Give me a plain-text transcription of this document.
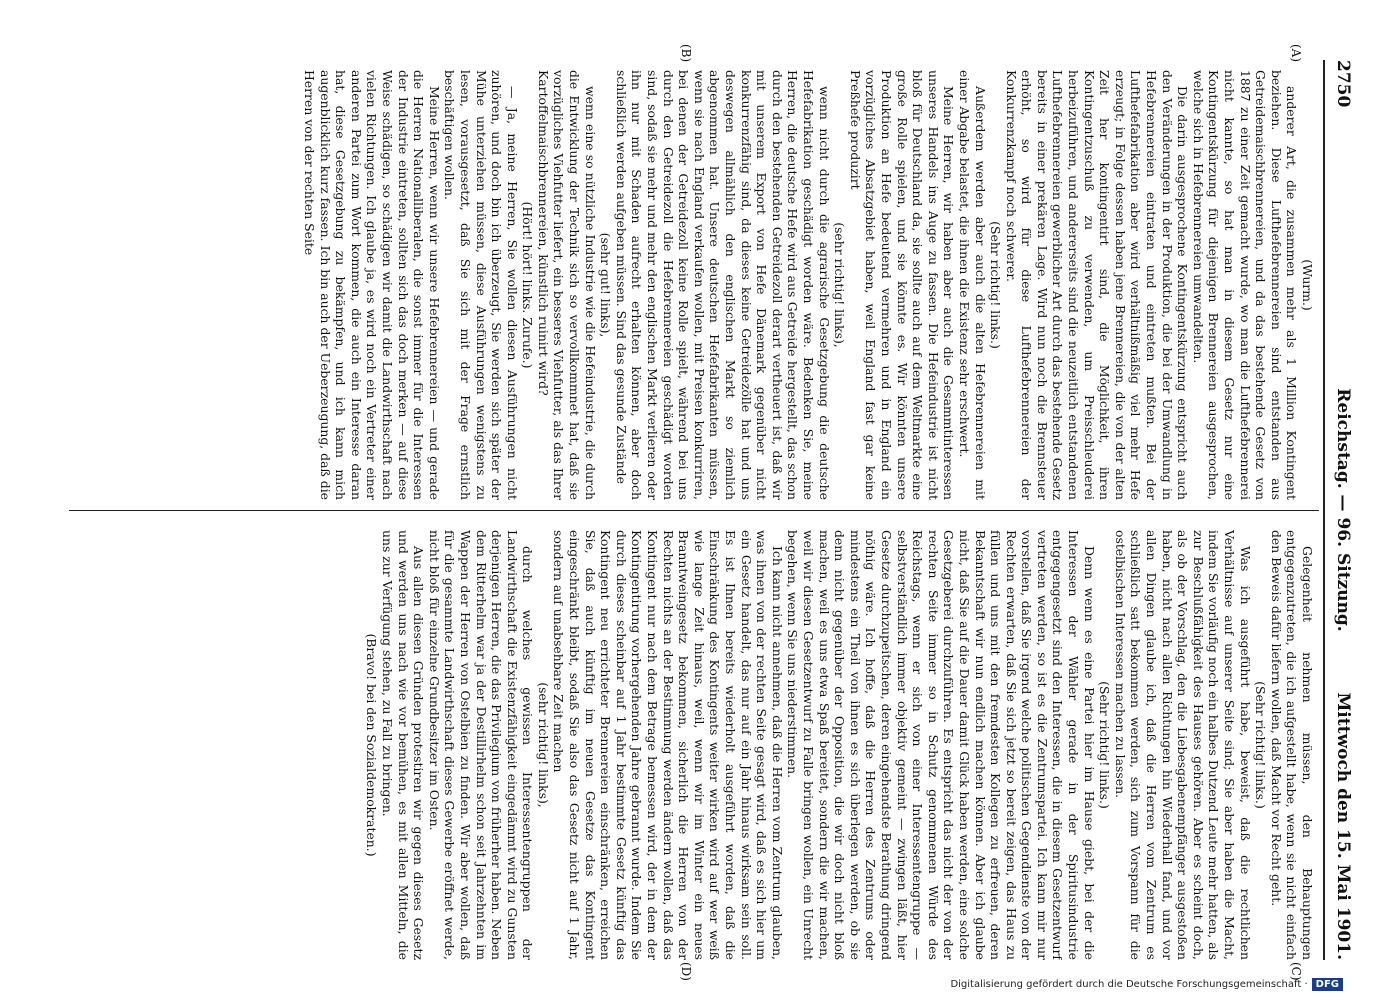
2750
Reichstag. — 96. Sitzung.
Mittwoch den 15. Mai 1901.
(A)
(B)
(C)
(D)

(Wurm.)

anderer Art, die zusammen mehr als 1 Million Kontingent beziehen. Diese Lufthefebrennereien sind entstanden aus Getreidemaischbrennereien, und da das bestehende Gesetz von 1887 zu einer Zeit gemacht wurde, wo man die Lufthefebrennerei nicht kannte, so hat man in diesem Gesetz nur eine Kontingentskürzung für diejenigen Brennereien ausgesprochen, welche sich in Hefebrennereien umwandelten.

Die darin ausgesprochene Kontingentskürzung entspricht auch den Veränderungen in der Produktion, die bei der Umwandlung in Hefebrennereien eintraten und eintreten mußten. Bei der Lufthefefabrikation aber wird verhältnißmäßig viel mehr Hefe erzeugt; in Folge dessen haben jene Brennereien, die von der alten Zeit her kontingentirt sind, die Möglichkeit, ihren Kontingentzuschuß zu verwenden, um Preisschleuderei herbeizuführen, und andererseits sind die neuzeitlich entstandenen Lufthefebrennereien gewerblicher Art durch das bestehende Gesetz bereits in einer prekären Lage. Wird nun noch die Brennsteuer erhöht, so wird für diese Lufthefebrennereien der Konkurrenzkampf noch schwerer.

(Sehr richtig! links.)

Außerdem werden aber auch die alten Hefebrennereien mit einer Abgabe belastet, die ihnen die Existenz sehr erschwert.

Meine Herren, wir haben aber auch die Gesammtinteressen unseres Handels ins Auge zu fassen. Die Hefeindustrie ist nicht bloß für Deutschland da, sie sollte auch auf dem Weltmarkte eine große Rolle spielen, und sie könnte es. Wir könnten unsere Produktion an Hefe bedeutend vermehren und in England ein vorzügliches Absatzgebiet haben, weil England fast gar keine Preßhefe produzirt

(sehr richtig! links),

wenn nicht durch die agrarische Gesetzgebung die deutsche Hefefabrikation geschädigt worden wäre. Bedenken Sie, meine Herren, die deutsche Hefe wird aus Getreide hergestellt, das schon durch den bestehenden Getreidezoll derart vertheuert ist, daß wir mit unserem Export von Hefe Dänemark gegenüber nicht konkurrenzfähig sind, da dieses keine Getreidezölle hat und uns deswegen allmählich den englischen Markt so ziemlich abgenommen hat. Unsere deutschen Hefefabrikanten müssen, wenn sie nach England verkaufen wollen, mit Preisen konkurriren, bei denen der Getreidezoll keine Rolle spielt, während bei uns durch den Getreidezoll die Hefebrennereien geschädigt worden sind, sodaß sie mehr und mehr den englischen Markt verlieren oder ihn nur mit Schaden aufrecht erhalten können, aber doch schließlich werden aufgeben müssen. Sind das gesunde Zustände

(sehr gut! links),

wenn eine so nützliche Industrie wie die Hefeindustrie, die durch die Entwicklung der Technik sich so vervollkommnet hat, daß sie vorzügliches Viehfutter liefert, ein besseres Viehfutter, als das Ihrer Kartoffelmaischbrennereien, künstlich ruinirt wird?

(Hört! hört! links. Zurufe.)

— Ja, meine Herren, Sie wollen diesen Ausführungen nicht zuhören, und doch bin ich überzeugt, Sie werden sich später der Mühe unterziehen müssen, diese Ausführungen wenigstens zu lesen, vorausgesetzt, daß Sie sich mit der Frage ernstlich beschäftigen wollen.

Meine Herren, wenn wir unsere Hefebrennereien — und gerade die Herren Nationalliberalen, die sonst immer für die Interessen der Industrie eintreten, sollten sich das doch merken — auf diese Weise schädigen, so schädigen wir damit die Landwirthschaft nach vielen Richtungen. Ich glaube ja, es wird noch ein Vertreter einer anderen Partei zum Wort kommen, die auch ein Interesse daran hat, diese Gesetzgebung zu bekämpfen, und ich kann mich augenblicklich kurz fassen. Ich bin auch der Ueberzeugung, daß die Herren von der rechten Seite

Gelegenheit nehmen müssen, den Behauptungen entgegenzutreten, die ich aufgestellt habe, wenn sie nicht einfach den Beweis dafür liefern wollen, daß Macht vor Recht geht.

(Sehr richtig! links.)

Was ich ausgeführt habe, beweist, daß die rechtlichen Verhältnisse auf unserer Seite sind; Sie aber haben die Macht, indem Sie vorläufig noch ein halbes Dutzend Leute mehr hatten, als zur Beschlußfähigkeit des Hauses gehören. Aber es scheint doch, als ob der Vorschlag, den die Liebesgabenempfänger ausgestoßen haben, nicht nach allen Richtungen hin Wiederhall fand, und vor allen Dingen glaube ich, daß die Herren vom Zentrum es schließlich satt bekommen werden, sich zum Vorspann für die ostelbischen Interessen machen zu lassen.

(Sehr richtig! links.)

Denn wenn es eine Partei hier im Hause giebt, bei der die Interessen der Wähler gerade in der Spiritusindustrie entgegengesetzt sind den Interessen, die in diesem Gesetzentwurf vertreten werden, so ist es die Zentrumspartei. Ich kann mir nur vorstellen, daß Sie irgend welche politischen Gegendienste von der Rechten erwarten, daß Sie sich jetzt so bereit zeigen, das Haus zu füllen und uns mit den fremdesten Kollegen zu erfreuen, deren Bekanntschaft wir nun endlich machen können. Aber ich glaube nicht, daß Sie auf die Dauer damit Glück haben werden, eine solche Gesetzgeberei durchzuführen. Es entspricht das nicht der von der rechten Seite immer so in Schutz genommenen Würde des Reichstags, wenn er sich von einer Interessentengruppe — selbstverständlich immer objektiv gemeint — zwingen läßt, hier Gesetze durchzupeitschen, deren eingehendste Berathung dringend nöthig wäre. Ich hoffe, daß die Herren des Zentrums oder mindestens ein Theil von ihnen es sich überlegen werden, ob sie denn nicht gegenüber der Opposition, die wir doch nicht bloß machen, weil es uns etwa Spaß bereitet, sondern die wir machen, weil wir diesen Gesetzentwurf zu Falle bringen wollen, ein Unrecht begehen, wenn Sie uns niederstimmen.

Ich kann nicht annehmen, daß die Herren vom Zentrum glauben, was ihnen von der rechten Seite gesagt wird, daß es sich hier um ein Gesetz handelt, das nur auf ein Jahr hinaus wirksam sein soll. Es ist Ihnen bereits wiederholt ausgeführt worden, daß die Einschränkung des Kontingents weiter wirken wird auf wer weiß wie lange Zeit hinaus, weil, wenn wir im Winter ein neues Branntweingesetz bekommen, sicherlich die Herren von der Rechten nichts an der Bestimmung werden ändern wollen, daß das Kontingent nur nach dem Betrage bemessen wird, der in dem der Kontingentirung vorhergehenden Jahre gebrannt wurde. Indem Sie durch dieses scheinbar auf 1 Jahr bestimmte Gesetz künftig das Kontingent neu errichteter Brennereien einschränken, erreichen Sie, daß auch künftig im neuen Gesetze das Kontingent eingeschränkt bleibt, sodaß Sie also das Gesetz nicht auf 1 Jahr, sondern auf unabsehbare Zeit machen

(sehr richtig! links),

durch welches gewissen Interessentengruppen der Landwirthschaft die Existenzfähigkeit eingedämmt wird zu Gunsten derjenigen Herren, die das Privilegium von früherher haben. Neben dem Ritterhelm war ja der Destillirhelm schon seit Jahrzehnten im Wappen der Herren von Ostelbien zu finden. Wir aber wollen, daß für die gesammte Landwirthschaft dieses Gewerbe eröffnet werde, nicht bloß für einzelne Grundbesitzer im Osten.

Aus allen diesen Gründen protestiren wir gegen dieses Gesetz und werden uns nach wie vor bemühen, es mit allen Mitteln, die uns zur Verfügung stehen, zu Fall zu bringen.

(Bravo! bei den Sozialdemokraten.)

Digitalisierung gefördert durch die Deutsche Forschungsgemeinschaft · DFG
